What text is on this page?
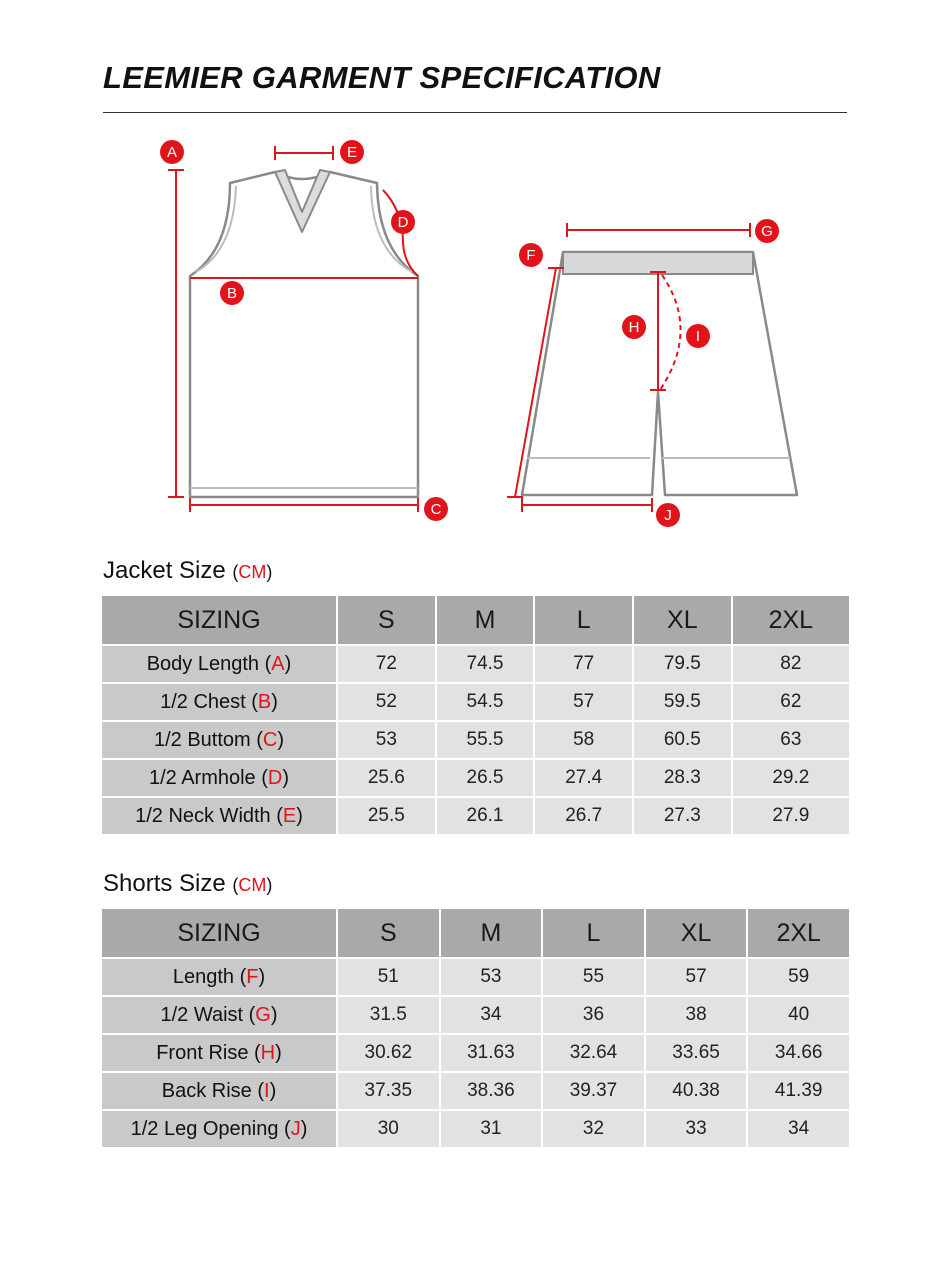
LEEMIER GARMENT SPECIFICATION
A
B
C
D
E
F
G
H
I
J
Jacket Size (CM)
SIZING	S	M	L	XL	2XL
Body Length (A)	72	74.5	77	79.5	82
1/2 Chest (B)	52	54.5	57	59.5	62
1/2 Buttom (C)	53	55.5	58	60.5	63
1/2 Armhole (D)	25.6	26.5	27.4	28.3	29.2
1/2 Neck Width (E)	25.5	26.1	26.7	27.3	27.9
Shorts Size (CM)
SIZING	S	M	L	XL	2XL
Length (F)	51	53	55	57	59
1/2 Waist (G)	31.5	34	36	38	40
Front Rise (H)	30.62	31.63	32.64	33.65	34.66
Back Rise (I)	37.35	38.36	39.37	40.38	41.39
1/2 Leg Opening (J)	30	31	32	33	34
